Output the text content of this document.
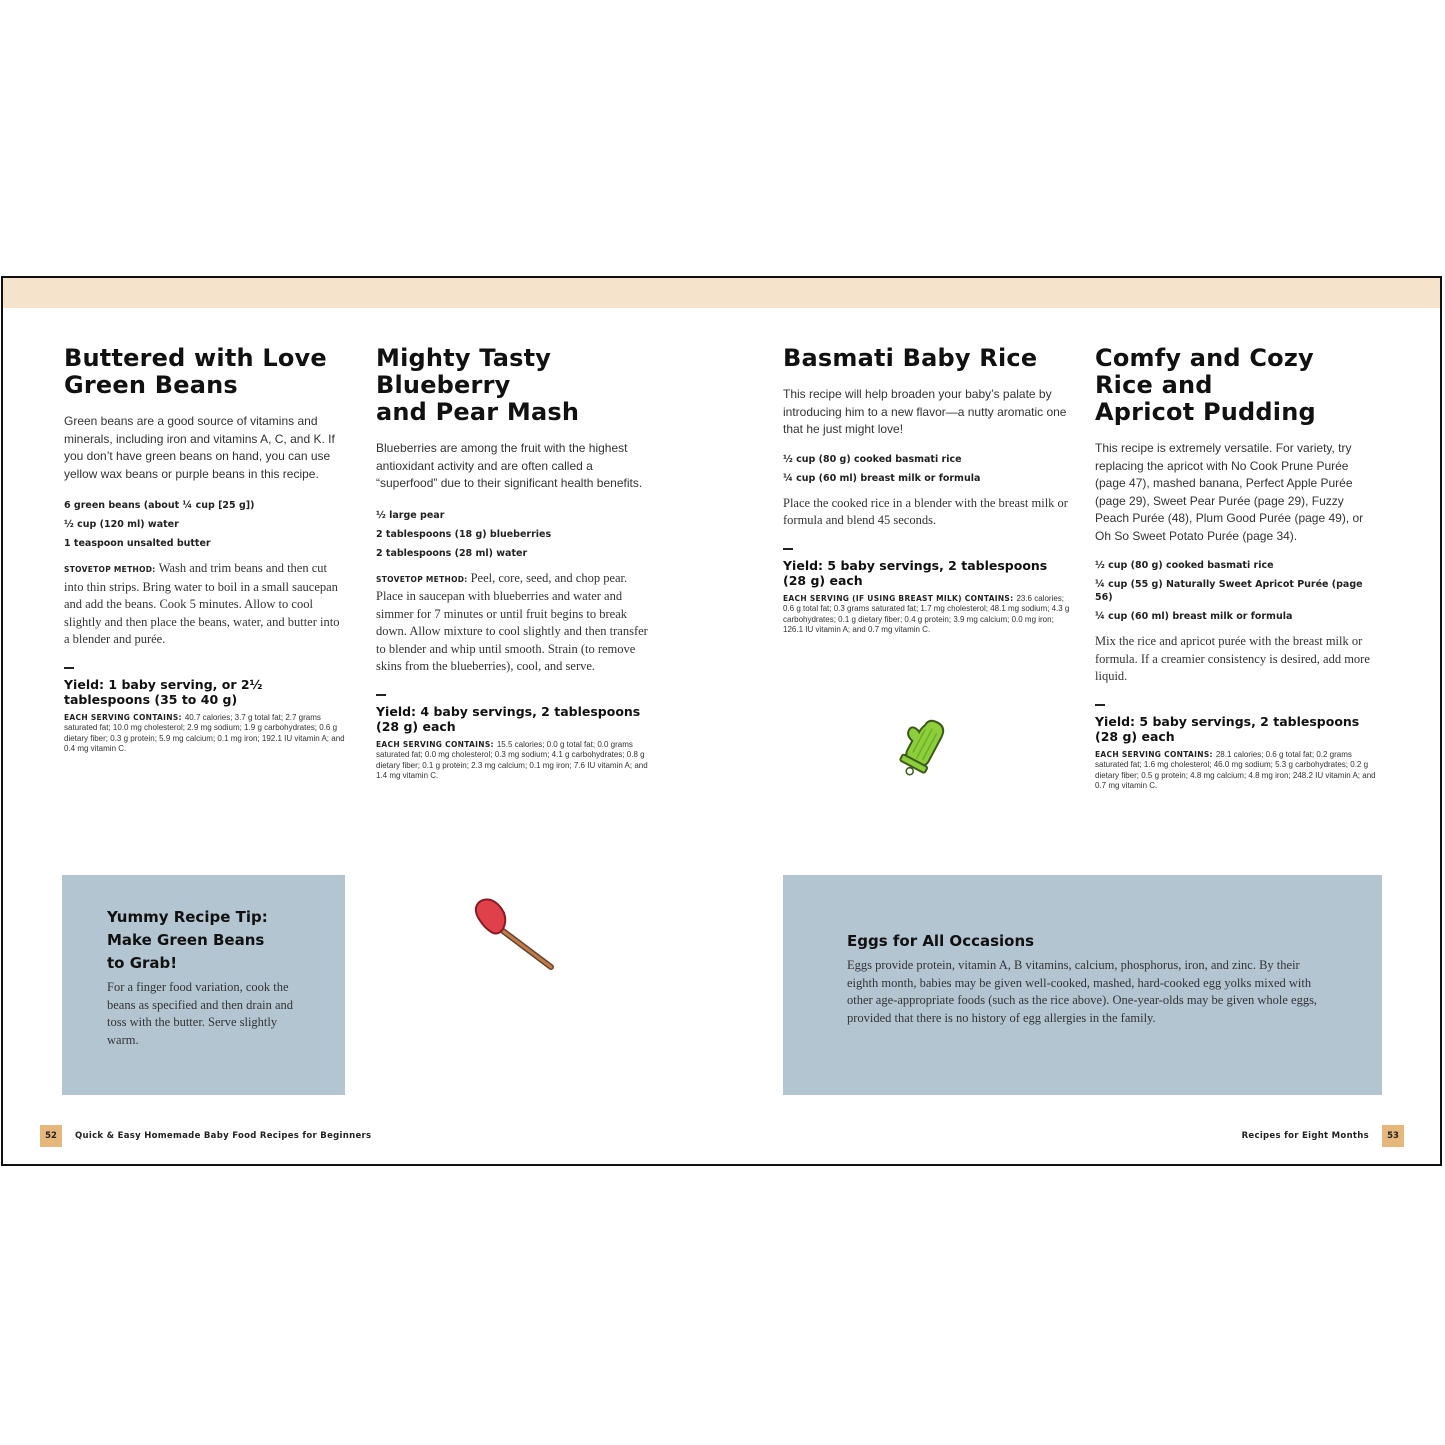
Buttered with Love
Green Beans

Green beans are a good source of vitamins and minerals, including iron and vitamins A, C, and K. If you don’t have green beans on hand, you can use yellow wax beans or purple beans in this recipe.

6 green beans (about ¼ cup [25 g])
½ cup (120 ml) water
1 teaspoon unsalted butter

STOVETOP METHOD: Wash and trim beans and then cut into thin strips. Bring water to boil in a small saucepan and add the beans. Cook 5 minutes. Allow to cool slightly and then place the beans, water, and butter into a blender and purée.

Yield: 1 baby serving, or 2½ tablespoons (35 to 40 g)

EACH SERVING CONTAINS: 40.7 calories; 3.7 g total fat; 2.7 grams saturated fat; 10.0 mg cholesterol; 2.9 mg sodium; 1.9 g carbohydrates; 0.6 g dietary fiber; 0.3 g protein; 5.9 mg calcium; 0.1 mg iron; 192.1 IU vitamin A; and 0.4 mg vitamin C.

Mighty Tasty
Blueberry
and Pear Mash

Blueberries are among the fruit with the highest antioxidant activity and are often called a “superfood” due to their significant health benefits.

½ large pear
2 tablespoons (18 g) blueberries
2 tablespoons (28 ml) water

STOVETOP METHOD: Peel, core, seed, and chop pear. Place in saucepan with blueberries and water and simmer for 7 minutes or until fruit begins to break down. Allow mixture to cool slightly and then transfer to blender and whip until smooth. Strain (to remove skins from the blueberries), cool, and serve.

Yield: 4 baby servings, 2 tablespoons (28 g) each

EACH SERVING CONTAINS: 15.5 calories; 0.0 g total fat; 0.0 grams saturated fat; 0.0 mg cholesterol; 0.3 mg sodium; 4.1 g carbohydrates; 0.8 g dietary fiber; 0.1 g protein; 2.3 mg calcium; 0.1 mg iron; 7.6 IU vitamin A; and 1.4 mg vitamin C.

Basmati Baby Rice

This recipe will help broaden your baby’s palate by introducing him to a new flavor—a nutty aromatic one that he just might love!

½ cup (80 g) cooked basmati rice
¼ cup (60 ml) breast milk or formula

Place the cooked rice in a blender with the breast milk or formula and blend 45 seconds.

Yield: 5 baby servings, 2 tablespoons (28 g) each

EACH SERVING (IF USING BREAST MILK) CONTAINS: 23.6 calories; 0.6 g total fat; 0.3 grams saturated fat; 1.7 mg cholesterol; 48.1 mg sodium; 4.3 g carbohydrates; 0.1 g dietary fiber; 0.4 g protein; 3.9 mg calcium; 0.0 mg iron; 126.1 IU vitamin A; and 0.7 mg vitamin C.

Comfy and Cozy
Rice and
Apricot Pudding

This recipe is extremely versatile. For variety, try replacing the apricot with No Cook Prune Purée (page 47), mashed banana, Perfect Apple Purée (page 29), Sweet Pear Purée (page 29), Fuzzy Peach Purée (48), Plum Good Purée (page 49), or Oh So Sweet Potato Purée (page 34).

½ cup (80 g) cooked basmati rice
¼ cup (55 g) Naturally Sweet Apricot Purée (page 56)
¼ cup (60 ml) breast milk or formula

Mix the rice and apricot purée with the breast milk or formula. If a creamier consistency is desired, add more liquid.

Yield: 5 baby servings, 2 tablespoons (28 g) each

EACH SERVING CONTAINS: 28.1 calories; 0.6 g total fat; 0.2 grams saturated fat; 1.6 mg cholesterol; 46.0 mg sodium; 5.3 g carbohydrates; 0.2 g dietary fiber; 0.5 g protein; 4.8 mg calcium; 4.8 mg iron; 248.2 IU vitamin A; and 0.7 mg vitamin C.

Yummy Recipe Tip:
Make Green Beans
to Grab!

For a finger food variation, cook the beans as specified and then drain and toss with the butter. Serve slightly warm.

Eggs for All Occasions

Eggs provide protein, vitamin A, B vitamins, calcium, phosphorus, iron, and zinc. By their eighth month, babies may be given well-cooked, mashed, hard-cooked egg yolks mixed with other age-appropriate foods (such as the rice above). One-year-olds may be given whole eggs, provided that there is no history of egg allergies in the family.

52	Quick & Easy Homemade Baby Food Recipes for Beginners	Recipes for Eight Months	53
